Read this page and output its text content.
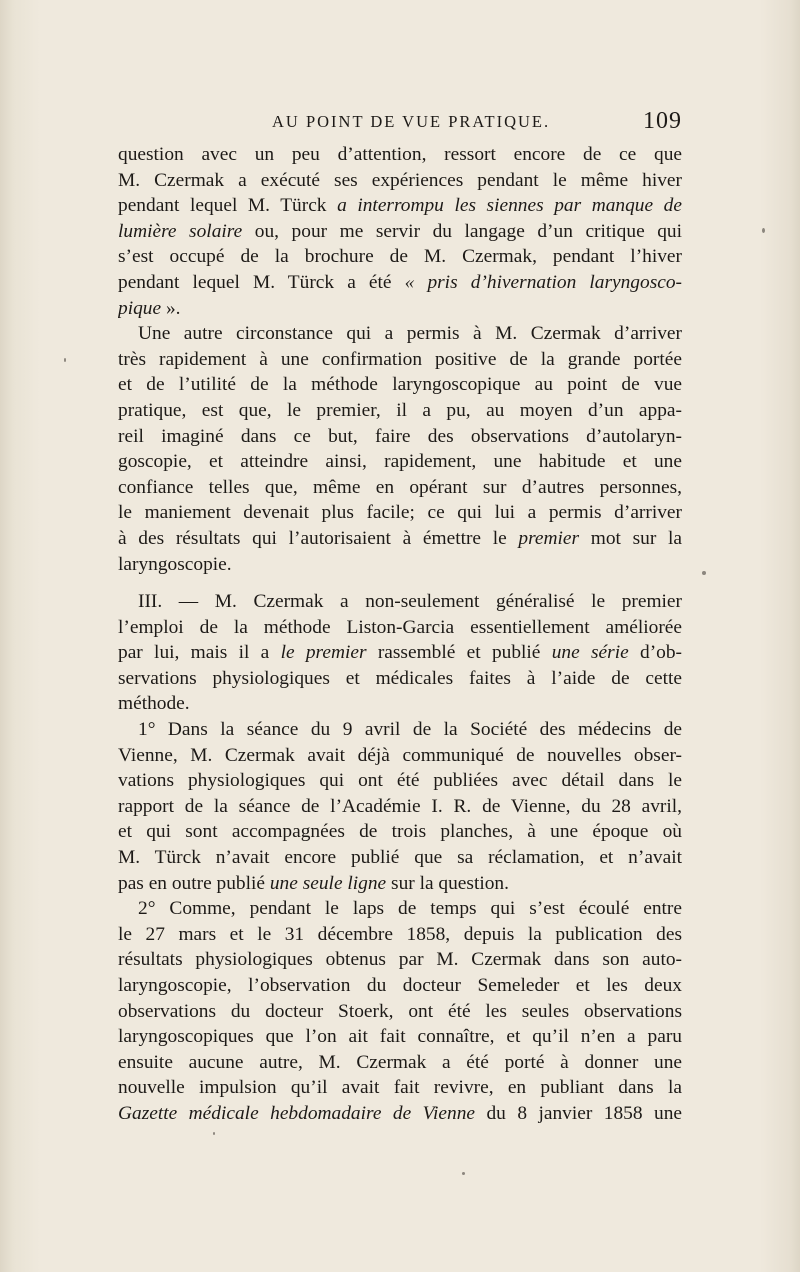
AU POINT DE VUE PRATIQUE.	109

question avec un peu d’attention, ressort encore de ce que

M. Czermak a exécuté ses expériences pendant le même hiver

pendant lequel M. Türck a interrompu les siennes par manque de

lumière solaire ou, pour me servir du langage d’un critique qui

s’est occupé de la brochure de M. Czermak, pendant l’hiver

pendant lequel M. Türck a été « pris d’hivernation laryngosco-

pique ».

Une autre circonstance qui a permis à M. Czermak d’arriver

très rapidement à une confirmation positive de la grande portée

et de l’utilité de la méthode laryngoscopique au point de vue

pratique, est que, le premier, il a pu, au moyen d’un appa-

reil imaginé dans ce but, faire des observations d’autolaryn-

goscopie, et atteindre ainsi, rapidement, une habitude et une

confiance telles que, même en opérant sur d’autres personnes,

le maniement devenait plus facile; ce qui lui a permis d’arriver

à des résultats qui l’autorisaient à émettre le premier mot sur la

laryngoscopie.

III. — M. Czermak a non-seulement généralisé le premier

l’emploi de la méthode Liston-Garcia essentiellement améliorée

par lui, mais il a le premier rassemblé et publié une série d’ob-

servations physiologiques et médicales faites à l’aide de cette

méthode.

1° Dans la séance du 9 avril de la Société des médecins de

Vienne, M. Czermak avait déjà communiqué de nouvelles obser-

vations physiologiques qui ont été publiées avec détail dans le

rapport de la séance de l’Académie I. R. de Vienne, du 28 avril,

et qui sont accompagnées de trois planches, à une époque où

M. Türck n’avait encore publié que sa réclamation, et n’avait

pas en outre publié une seule ligne sur la question.

2° Comme, pendant le laps de temps qui s’est écoulé entre

le 27 mars et le 31 décembre 1858, depuis la publication des

résultats physiologiques obtenus par M. Czermak dans son auto-

laryngoscopie, l’observation du docteur Semeleder et les deux

observations du docteur Stoerk, ont été les seules observations

laryngoscopiques que l’on ait fait connaître, et qu’il n’en a paru

ensuite aucune autre, M. Czermak a été porté à donner une

nouvelle impulsion qu’il avait fait revivre, en publiant dans la

Gazette médicale hebdomadaire de Vienne du 8 janvier 1858 une
